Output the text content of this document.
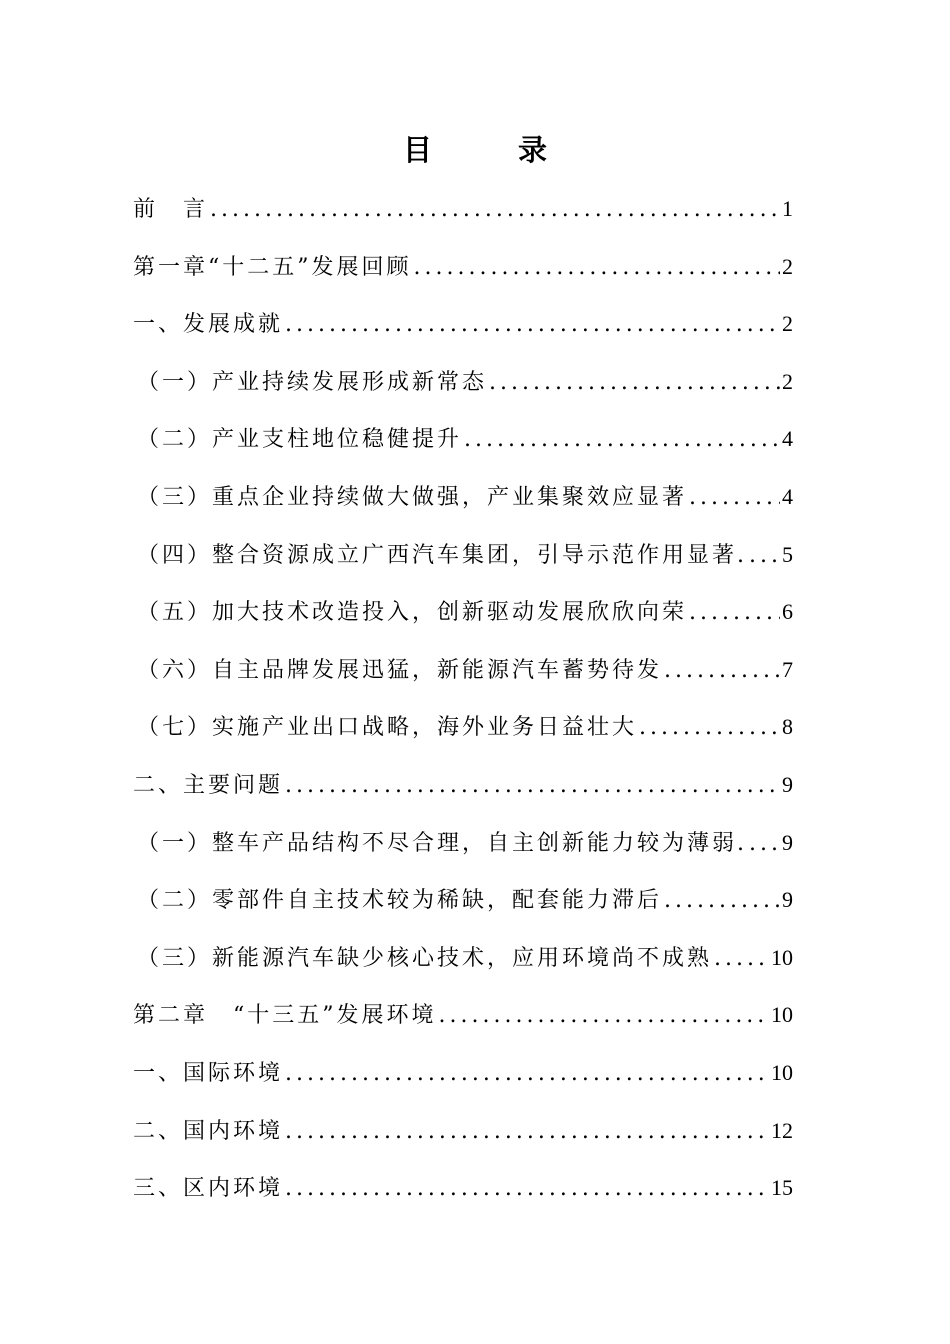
目 录
前　言 .....	1
第一章“十二五”发展回顾 .....	2
一、发展成就 .....	2
（一）产业持续发展形成新常态 .....	2
（二）产业支柱地位稳健提升 .....	4
（三）重点企业持续做大做强，产业集聚效应显著 .....	4
（四）整合资源成立广西汽车集团，引导示范作用显著. ..... 5
（五）加大技术改造投入，创新驱动发展欣欣向荣 .....	6
（六）自主品牌发展迅猛，新能源汽车蓄势待发 .....	7
（七）实施产业出口战略，海外业务日益壮大 .....	8
二、主要问题 .....	9
（一）整车产品结构不尽合理，自主创新能力较为薄弱. ..... 9
（二）零部件自主技术较为稀缺，配套能力滞后 .....	9
（三）新能源汽车缺少核心技术，应用环境尚不成熟 .....	10
第二章　“十三五”发展环境 .....	10
一、国际环境 .....	10
二、国内环境 .....	12
三、区内环境 .....	15
